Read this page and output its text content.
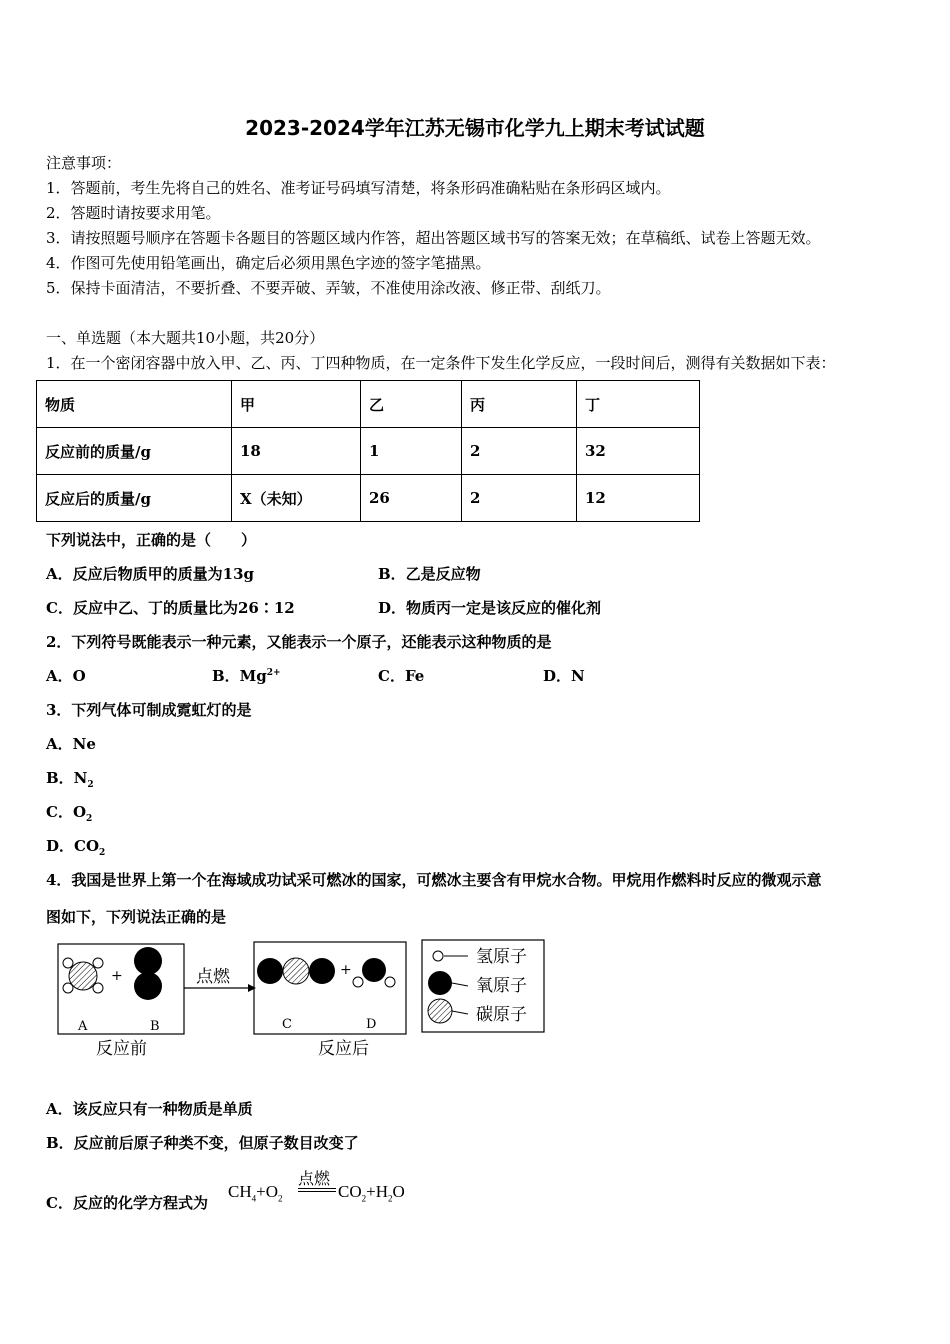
2023-2024学年江苏无锡市化学九上期末考试试题
注意事项：
1．答题前，考生先将自己的姓名、准考证号码填写清楚，将条形码准确粘贴在条形码区域内。
2．答题时请按要求用笔。
3．请按照题号顺序在答题卡各题目的答题区域内作答，超出答题区域书写的答案无效；在草稿纸、试卷上答题无效。
4．作图可先使用铅笔画出，确定后必须用黑色字迹的签字笔描黑。
5．保持卡面清洁，不要折叠、不要弄破、弄皱，不准使用涂改液、修正带、刮纸刀。
一、单选题（本大题共10小题，共20分）
1．在一个密闭容器中放入甲、乙、丙、丁四种物质，在一定条件下发生化学反应，一段时间后，测得有关数据如下表：
物质	甲	乙	丙	丁
反应前的质量/g	18	1	2	32
反应后的质量/g	X（未知）	26	2	12
下列说法中，正确的是（　　）
A．反应后物质甲的质量为13g	B．乙是反应物
C．反应中乙、丁的质量比为26∶12	D．物质丙一定是该反应的催化剂
2．下列符号既能表示一种元素，又能表示一个原子，还能表示这种物质的是
A．O	B．$Mg^{2+}$	C．Fe	D．N
3．下列气体可制成霓虹灯的是
A．Ne
B．$N_2$
C．$O_2$
D．$CO_2$
4．我国是世界上第一个在海域成功试采可燃冰的国家，可燃冰主要含有甲烷水合物。甲烷用作燃料时反应的微观示意
图如下，下列说法正确的是
+
A	B
反应前
点燃	+
C	D
反应后
氢原子
氧原子
碳原子
A．该反应只有一种物质是单质
B．反应前后原子种类不变，但原子数目改变了
C．反应的化学方程式为
$CH_4+O_2$
点燃
$CO_2+H_2O$
